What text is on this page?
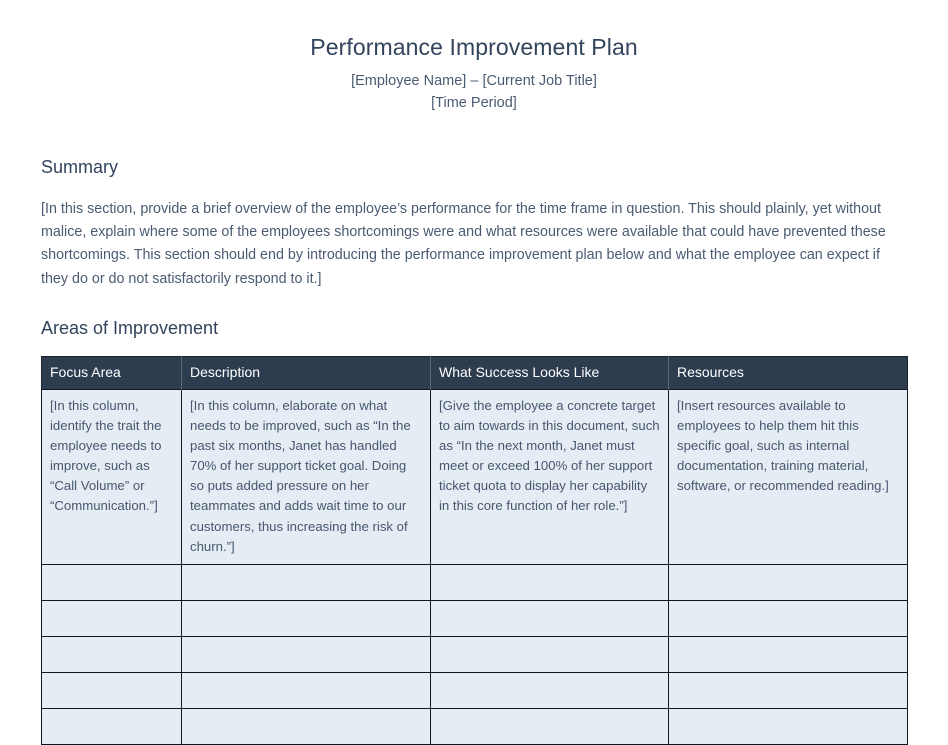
Performance Improvement Plan
[Employee Name] – [Current Job Title]
[Time Period]
Summary

[In this section, provide a brief overview of the employee’s performance for the time frame in question. This should plainly, yet without malice, explain where some of the employees shortcomings were and what resources were available that could have prevented these shortcomings. This section should end by introducing the performance improvement plan below and what the employee can expect if they do or do not satisfactorily respond to it.]

Areas of Improvement
Focus Area	Description	What Success Looks Like	Resources
[In this column, identify the trait the employee needs to improve, such as “Call Volume” or “Communication.”]	[In this column, elaborate on what needs to be improved, such as “In the past six months, Janet has handled 70% of her support ticket goal. Doing so puts added pressure on her teammates and adds wait time to our customers, thus increasing the risk of churn.”]	[Give the employee a concrete target to aim towards in this document, such as “In the next month, Janet must meet or exceed 100% of her support ticket quota to display her capability in this core function of her role.”]	[Insert resources available to employees to help them hit this specific goal, such as internal documentation, training material, software, or recommended reading.]
